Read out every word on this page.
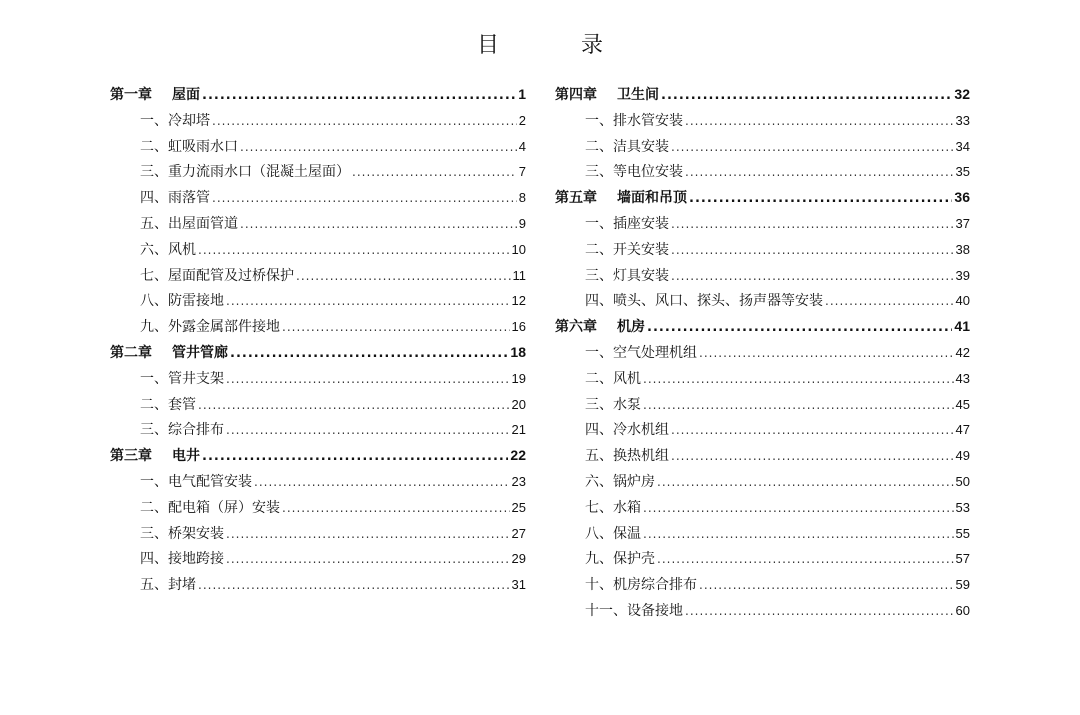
目　录
第一章 屋面 .....	1
一、冷却塔 .....	2
二、虹吸雨水口 .....	4
三、重力流雨水口（混凝土屋面） .....	7
四、雨落管 .....	8
五、出屋面管道 .....	9
六、风机 .....	10
七、屋面配管及过桥保护 .....	11
八、防雷接地 .....	12
九、外露金属部件接地 .....	16
第二章 管井管廊 .....	18
一、管井支架 .....	19
二、套管 .....	20
三、综合排布 .....	21
第三章 电井 .....	22
一、电气配管安装 .....	23
二、配电箱（屏）安装 .....	25
三、桥架安装 .....	27
四、接地跨接 .....	29
五、封堵 .....	31
第四章 卫生间 .....	32
一、排水管安装 .....	33
二、洁具安装 .....	34
三、等电位安装 .....	35
第五章 墙面和吊顶 .....	36
一、插座安装 .....	37
二、开关安装 .....	38
三、灯具安装 .....	39
四、喷头、风口、探头、扬声器等安装 .....	40
第六章 机房 .....	41
一、空气处理机组 .....	42
二、风机 .....	43
三、水泵 .....	45
四、冷水机组 .....	47
五、换热机组 .....	49
六、锅炉房 .....	50
七、水箱 .....	53
八、保温 .....	55
九、保护壳 .....	57
十、机房综合排布 .....	59
十一、设备接地 .....	60
